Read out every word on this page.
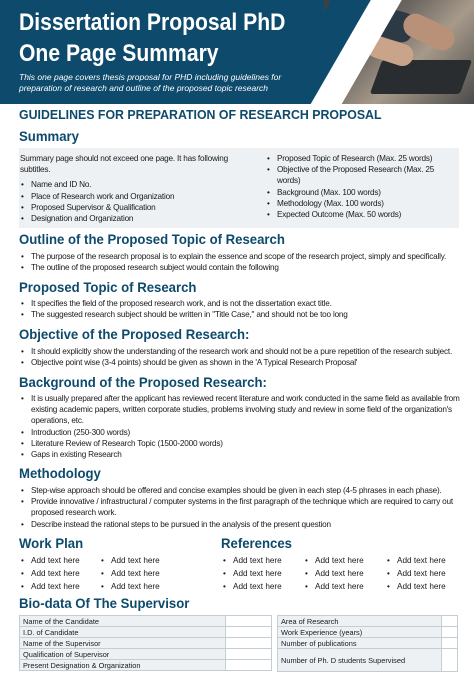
Dissertation Proposal PhD
One Page Summary
This one page covers thesis proposal for PHD including guidelines for preparation of research and outline of the proposed topic research
GUIDELINES FOR PREPARATION OF RESEARCH PROPOSAL
Summary
Summary page should not exceed one page. It has following subtitles.
• Name and ID No.
• Place of Research work and Organization
• Proposed Supervisor & Qualification
• Designation and Organization
• Proposed Topic of Research (Max. 25 words)
• Objective of the Proposed Research (Max. 25 words)
• Background (Max. 100 words)
• Methodology (Max. 100 words)
• Expected Outcome (Max. 50 words)
Outline of the Proposed Topic of Research
• The purpose of the research proposal is to explain the essence and scope of the research project, simply and specifically.
• The outline of the proposed research subject would contain the following
Proposed Topic of Research
• It specifies the field of the proposed research work, and is not the dissertation exact title.
• The suggested research subject should be written in "Title Case," and should not be too long
Objective of the Proposed Research:
• It should explicitly show the understanding of the research work and should not be a pure repetition of the research subject.
• Objective point wise (3-4 points) should be given as shown in the 'A Typical Research Proposal'
Background of the Proposed Research:
• It is usually prepared after the applicant has reviewed recent literature and work conducted in the same field as available from existing academic papers, written corporate studies, problems involving study and review in some field of the organization's operations, etc.
• Introduction (250-300 words)
• Literature Review of Research Topic (1500-2000 words)
• Gaps in existing Research
Methodology
• Step-wise approach should be offered and concise examples should be given in each step (4-5 phrases in each phase).
• Provide innovative / infrastructural / computer systems in the first paragraph of the technique which are required to carry out proposed research work.
• Describe instead the rational steps to be pursued in the analysis of the present question
Work Plan
• Add text here	• Add text here
• Add text here	• Add text here
• Add text here	• Add text here
References
• Add text here	• Add text here	• Add text here
• Add text here	• Add text here	• Add text here
• Add text here	• Add text here	• Add text here
Bio-data Of The Supervisor
Name of the Candidate	
I.D. of Candidate	
Name of the Supervisor	
Qualification of Supervisor	
Present Designation & Organization	
Area of Research	
Work Experience (years)	
Number of publications	
Number of Ph. D students Supervised	
